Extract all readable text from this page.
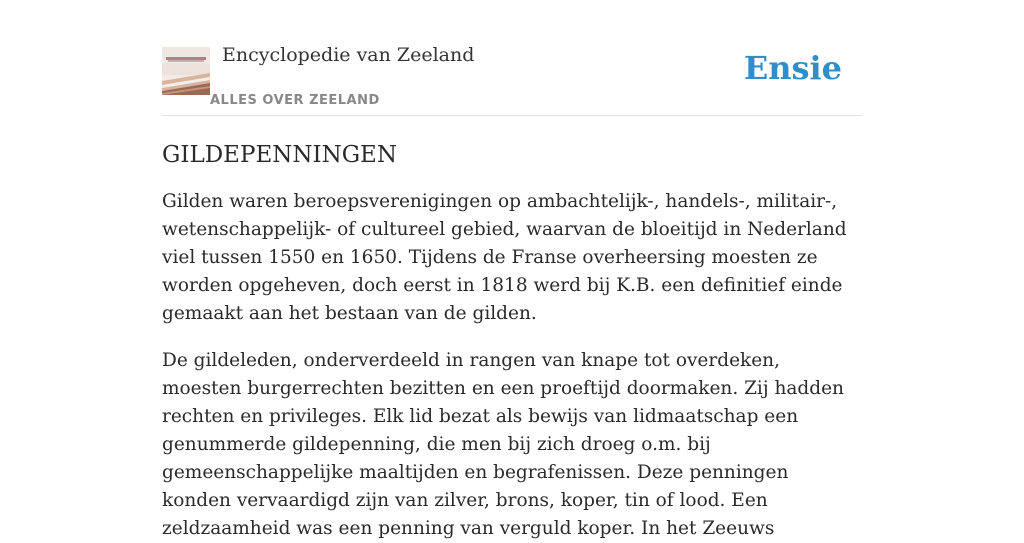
Encyclopedie van Zeeland
ALLES OVER ZEELAND
Ensie
GILDEPENNINGEN

Gilden waren beroepsverenigingen op ambachtelijk-, handels-, militair-, wetenschappelijk- of cultureel gebied, waarvan de bloeitijd in Nederland viel tussen 1550 en 1650. Tijdens de Franse overheersing moesten ze worden opgeheven, doch eerst in 1818 werd bij K.B. een definitief einde gemaakt aan het bestaan van de gilden.

De gildeleden, onderverdeeld in rangen van knape tot overdeken, moesten burgerrechten bezitten en een proeftijd doormaken. Zij hadden rechten en privileges. Elk lid bezat als bewijs van lidmaatschap een genummerde gildepenning, die men bij zich droeg o.m. bij gemeenschappelijke maaltijden en begrafenissen. Deze penningen konden vervaardigd zijn van zilver, brons, koper, tin of lood. Een zeldzaamheid was een penning van verguld koper. In het Zeeuws
